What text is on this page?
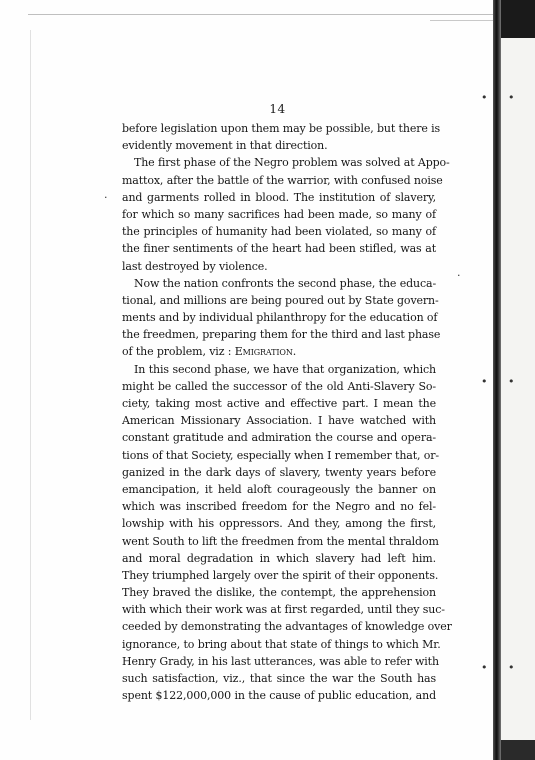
• •
• •
·
• •
·
14
before legislation upon them may be possible, but there is
evidently movement in that direction.
The first phase of the Negro problem was solved at Appo-
mattox, after the battle of the warrior, with confused noise
and garments rolled in blood. The institution of slavery,
for which so many sacrifices had been made, so many of
the principles of humanity had been violated, so many of
the finer sentiments of the heart had been stifled, was at
last destroyed by violence.
Now the nation confronts the second phase, the educa-
tional, and millions are being poured out by State govern-
ments and by individual philanthropy for the education of
the freedmen, preparing them for the third and last phase
of the problem, viz : Emigration.
In this second phase, we have that organization, which
might be called the successor of the old Anti-Slavery So-
ciety, taking most active and effective part. I mean the
American Missionary Association. I have watched with
constant gratitude and admiration the course and opera-
tions of that Society, especially when I remember that, or-
ganized in the dark days of slavery, twenty years before
emancipation, it held aloft courageously the banner on
which was inscribed freedom for the Negro and no fel-
lowship with his oppressors. And they, among the first,
went South to lift the freedmen from the mental thraldom
and moral degradation in which slavery had left him.
They triumphed largely over the spirit of their opponents.
They braved the dislike, the contempt, the apprehension
with which their work was at first regarded, until they suc-
ceeded by demonstrating the advantages of knowledge over
ignorance, to bring about that state of things to which Mr.
Henry Grady, in his last utterances, was able to refer with
such satisfaction, viz., that since the war the South has
spent $122,000,000 in the cause of public education, and
